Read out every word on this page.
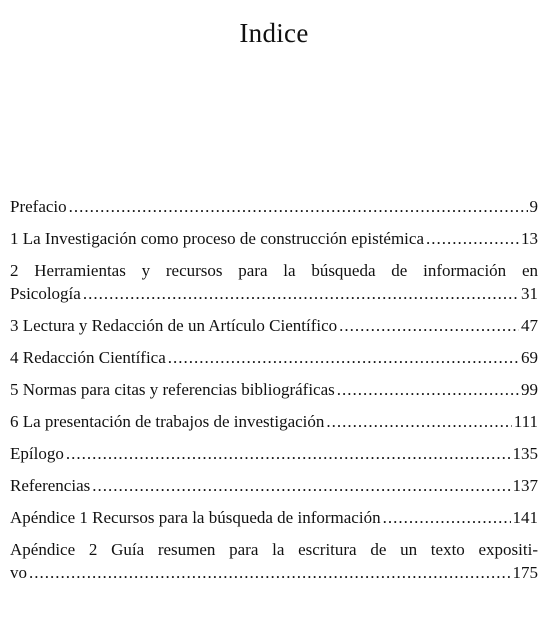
Indice
Prefacio .....	9
1 La Investigación como proceso de construcción epistémica .....	13
2 Herramientas y recursos para la búsqueda de información en
Psicología .....	31
3 Lectura y Redacción de un Artículo Científico .....	47
4 Redacción Científica .....	69
5 Normas para citas y referencias bibliográficas .....	99
6 La presentación de trabajos de investigación .....	111
Epílogo .....	135
Referencias .....	137
Apéndice 1 Recursos para la búsqueda de información .....	141
Apéndice 2 Guía resumen para la escritura de un texto expositi-
vo .....	175
